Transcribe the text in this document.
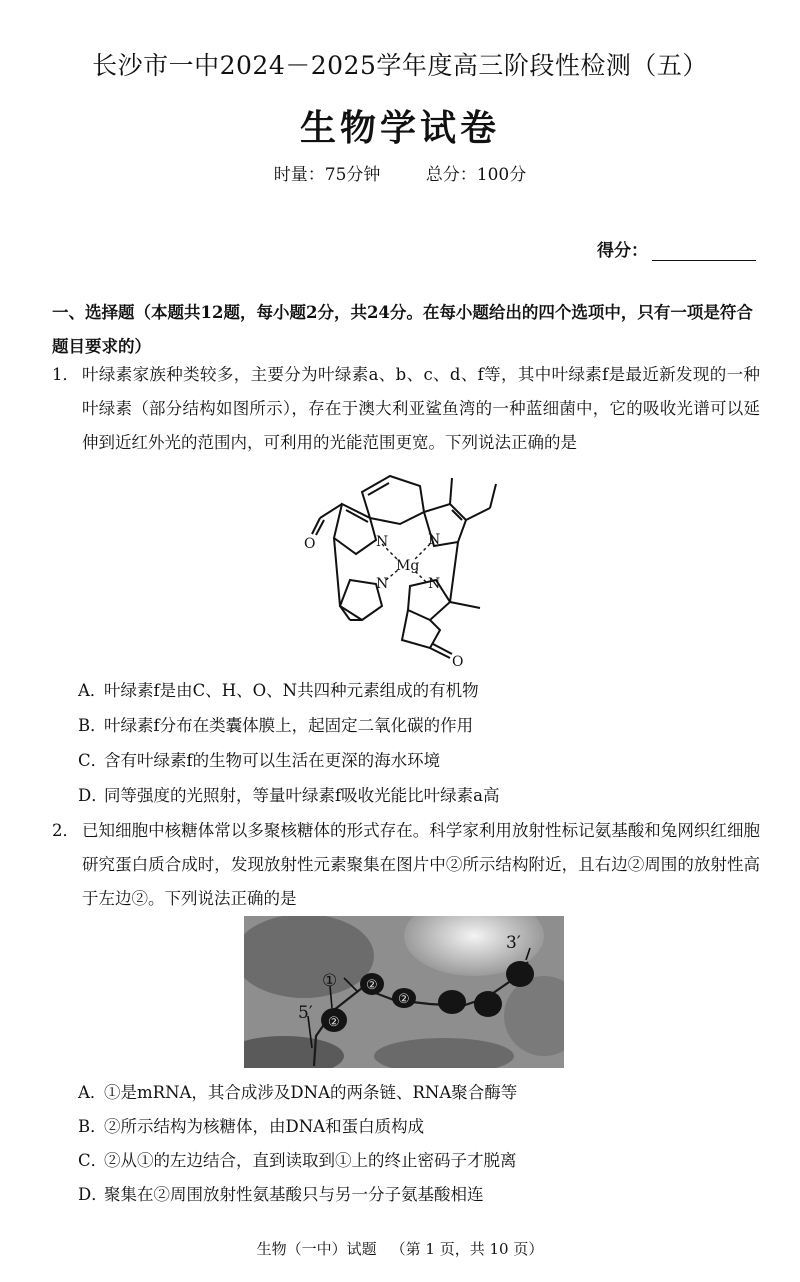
长沙市一中2024－2025学年度高三阶段性检测（五）
生物学试卷
时量：75分钟	总分：100分
得分：
一、选择题（本题共12题，每小题2分，共24分。在每小题给出的四个选项中，只有一项是符合题目要求的）
1． 叶绿素家族种类较多，主要分为叶绿素a、b、c、d、f等，其中叶绿素f是最近新发现的一种叶绿素（部分结构如图所示），存在于澳大利亚鲨鱼湾的一种蓝细菌中，它的吸收光谱可以延伸到近红外光的范围内，可利用的光能范围更宽。下列说法正确的是
N	N
N	N
Mg
O
O
A．叶绿素f是由C、H、O、N共四种元素组成的有机物
B．叶绿素f分布在类囊体膜上，起固定二氧化碳的作用
C．含有叶绿素f的生物可以生活在更深的海水环境
D．同等强度的光照射，等量叶绿素f吸收光能比叶绿素a高
2． 已知细胞中核糖体常以多聚核糖体的形式存在。科学家利用放射性标记氨基酸和兔网织红细胞研究蛋白质合成时，发现放射性元素聚集在图片中②所示结构附近，且右边②周围的放射性高于左边②。下列说法正确的是
3′
5′
①
②
②
②
A．①是mRNA，其合成涉及DNA的两条链、RNA聚合酶等
B．②所示结构为核糖体，由DNA和蛋白质构成
C．②从①的左边结合，直到读取到①上的终止密码子才脱离
D．聚集在②周围放射性氨基酸只与另一分子氨基酸相连
生物（一中）试题 （第 1 页，共 10 页）
